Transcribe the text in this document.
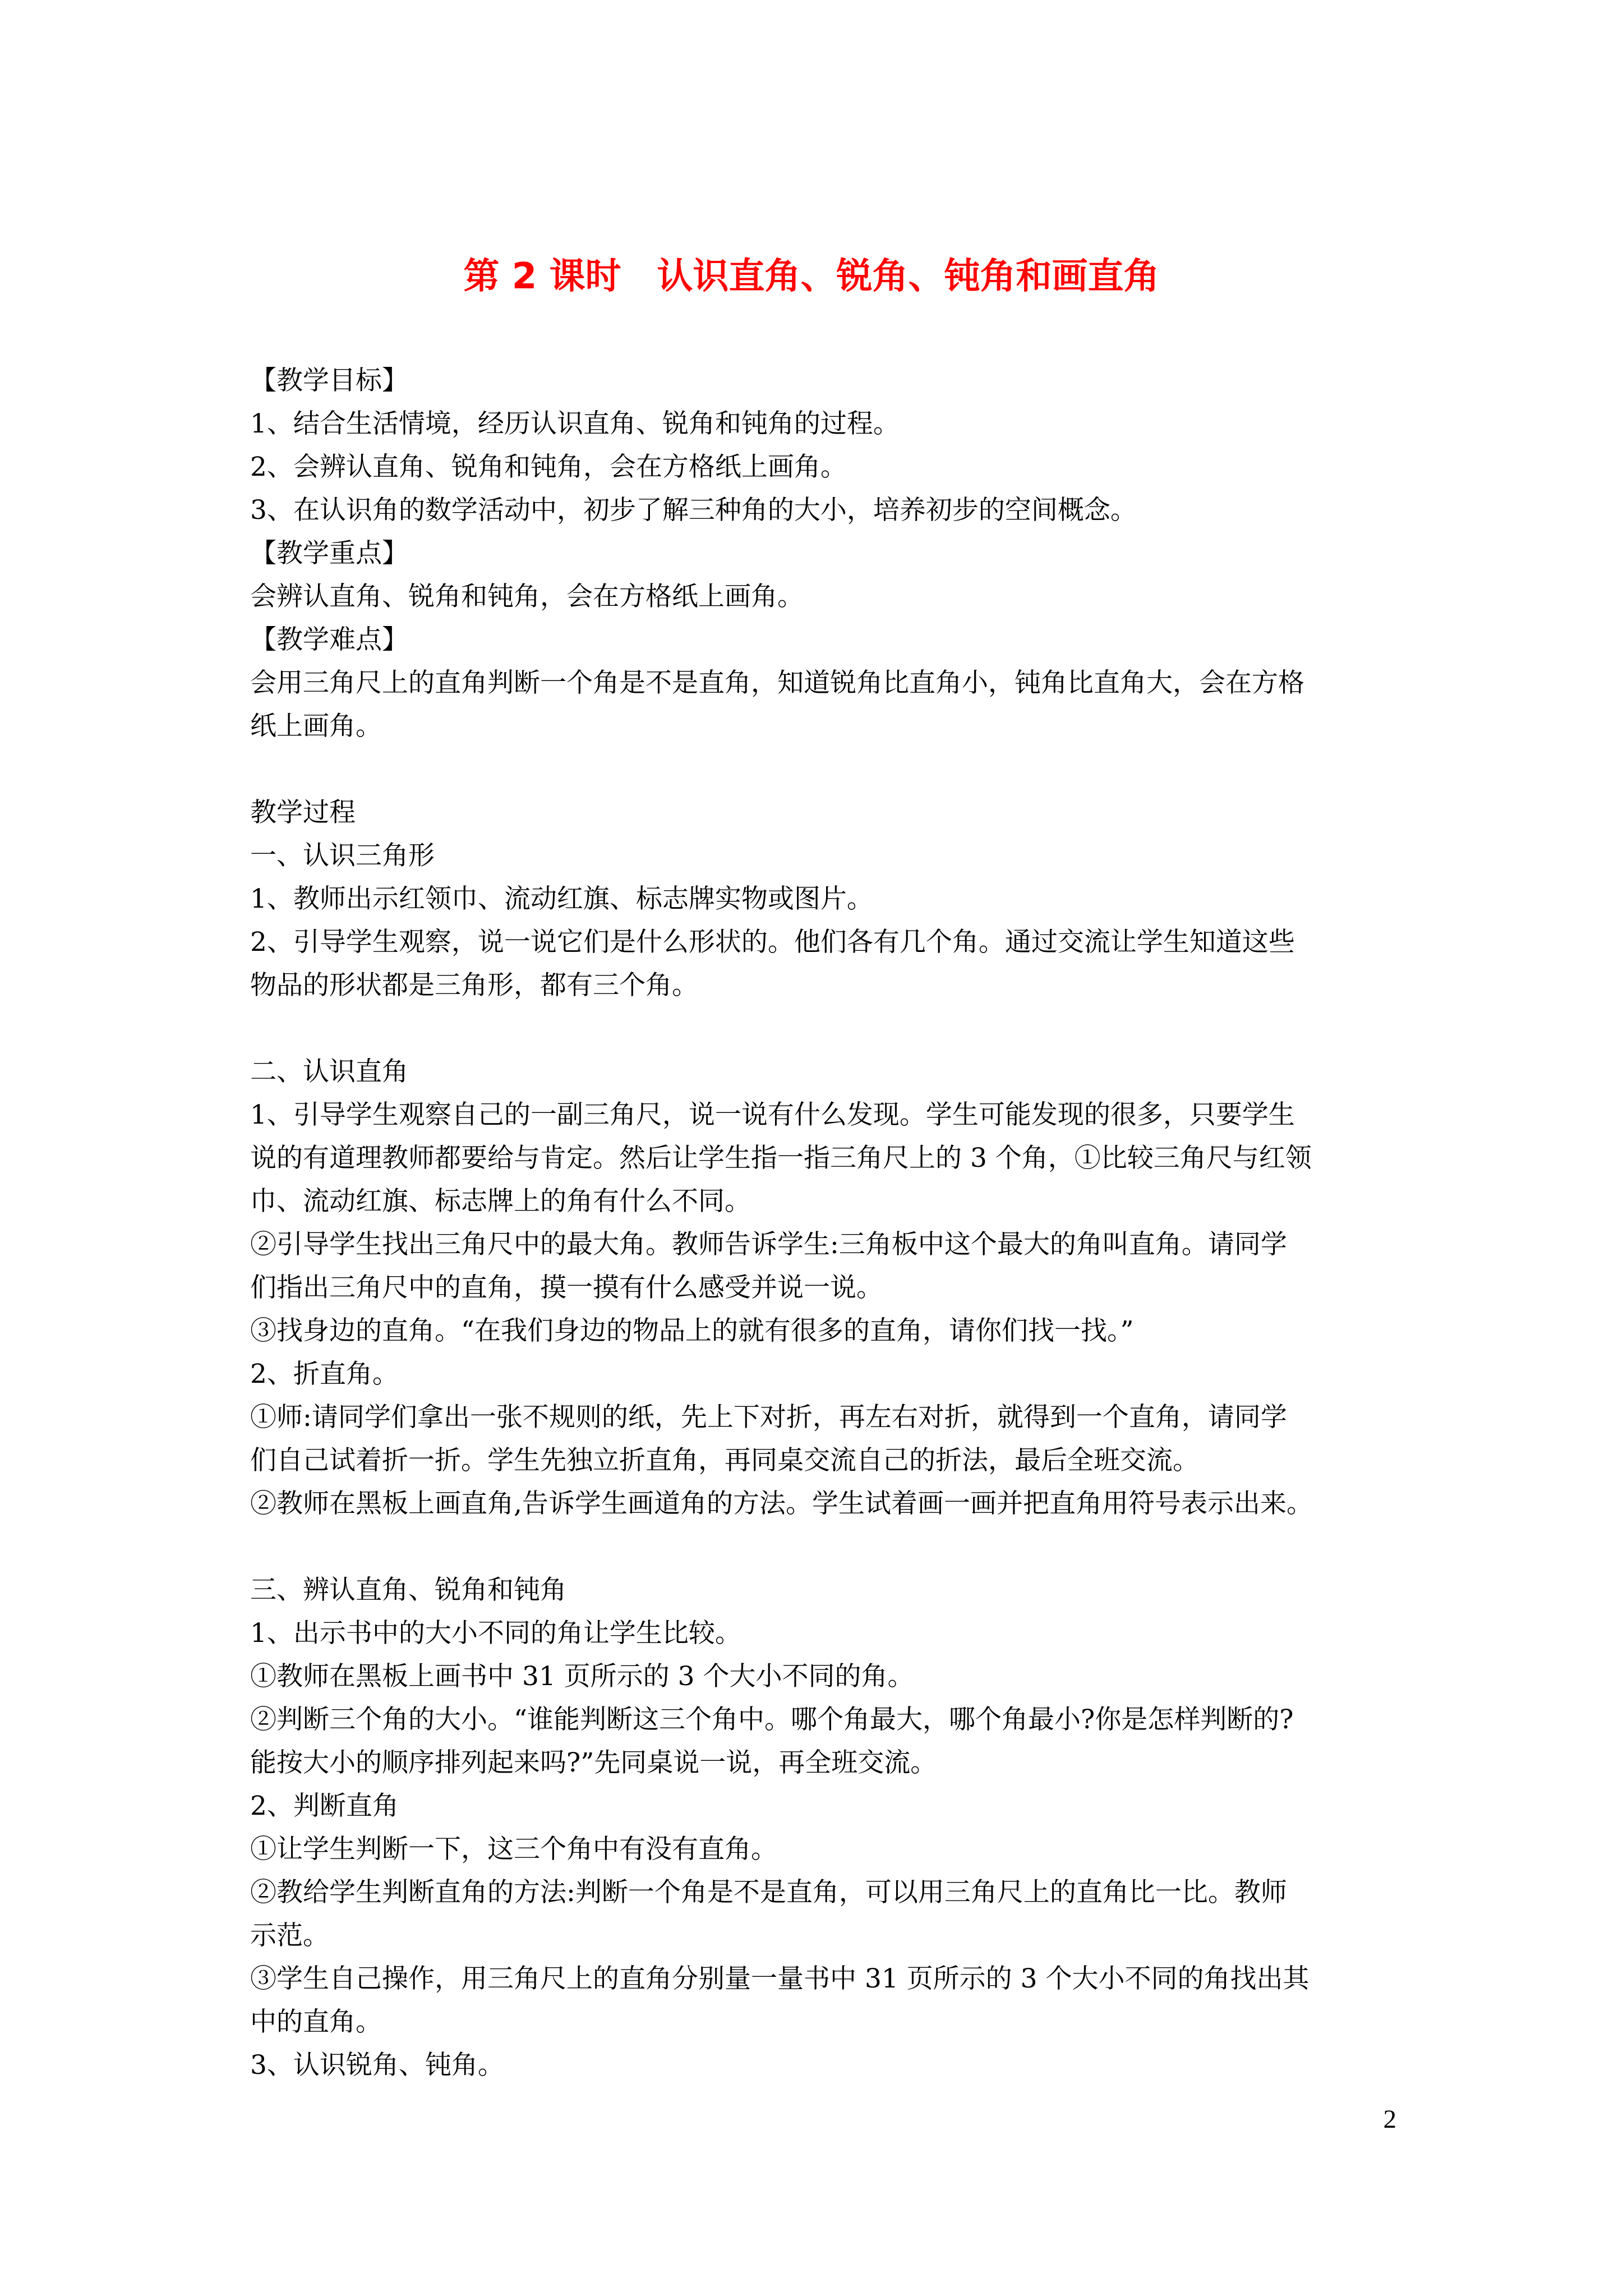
第 2 课时　认识直角、锐角、钝角和画直角
【教学目标】
1、结合生活情境，经历认识直角、锐角和钝角的过程。
2、会辨认直角、锐角和钝角，会在方格纸上画角。
3、在认识角的数学活动中，初步了解三种角的大小，培养初步的空间概念。
【教学重点】
会辨认直角、锐角和钝角，会在方格纸上画角。
【教学难点】
会用三角尺上的直角判断一个角是不是直角，知道锐角比直角小，钝角比直角大，会在方格
纸上画角。
教学过程
一、认识三角形
1、教师出示红领巾、流动红旗、标志牌实物或图片。
2、引导学生观察，说一说它们是什么形状的。他们各有几个角。通过交流让学生知道这些
物品的形状都是三角形，都有三个角。
二、认识直角
1、引导学生观察自己的一副三角尺，说一说有什么发现。学生可能发现的很多，只要学生
说的有道理教师都要给与肯定。然后让学生指一指三角尺上的 3 个角，①比较三角尺与红领
巾、流动红旗、标志牌上的角有什么不同。
②引导学生找出三角尺中的最大角。教师告诉学生:三角板中这个最大的角叫直角。请同学
们指出三角尺中的直角，摸一摸有什么感受并说一说。
③找身边的直角。“在我们身边的物品上的就有很多的直角，请你们找一找。”
2、折直角。
①师:请同学们拿出一张不规则的纸，先上下对折，再左右对折，就得到一个直角，请同学
们自己试着折一折。学生先独立折直角，再同桌交流自己的折法，最后全班交流。
②教师在黑板上画直角,告诉学生画道角的方法。学生试着画一画并把直角用符号表示出来。
三、辨认直角、锐角和钝角
1、出示书中的大小不同的角让学生比较。
①教师在黑板上画书中 31 页所示的 3 个大小不同的角。
②判断三个角的大小。“谁能判断这三个角中。哪个角最大，哪个角最小?你是怎样判断的?
能按大小的顺序排列起来吗?”先同桌说一说，再全班交流。
2、判断直角
①让学生判断一下，这三个角中有没有直角。
②教给学生判断直角的方法:判断一个角是不是直角，可以用三角尺上的直角比一比。教师
示范。
③学生自己操作，用三角尺上的直角分别量一量书中 31 页所示的 3 个大小不同的角找出其
中的直角。
3、认识锐角、钝角。
2
